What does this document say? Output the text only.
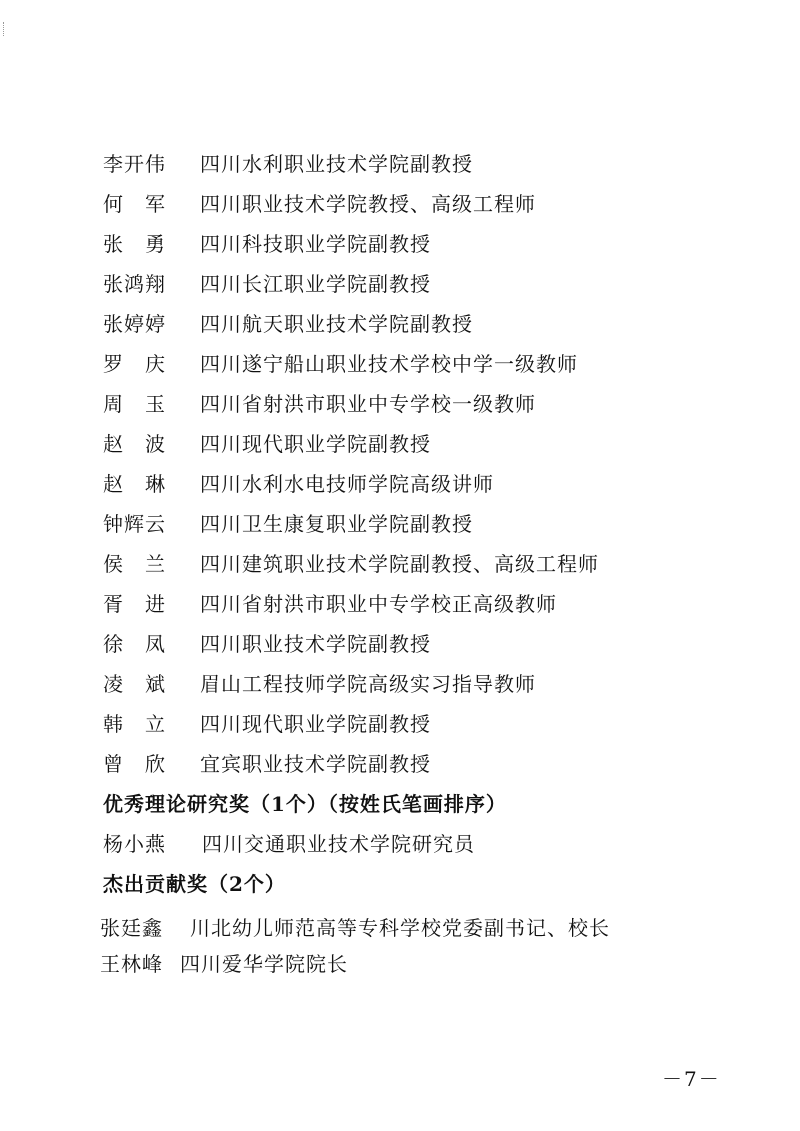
李开伟	四川水利职业技术学院副教授
何　军	四川职业技术学院教授、高级工程师
张　勇	四川科技职业学院副教授
张鸿翔	四川长江职业学院副教授
张婷婷	四川航天职业技术学院副教授
罗　庆	四川遂宁船山职业技术学校中学一级教师
周　玉	四川省射洪市职业中专学校一级教师
赵　波	四川现代职业学院副教授
赵　琳	四川水利水电技师学院高级讲师
钟辉云	四川卫生康复职业学院副教授
侯　兰	四川建筑职业技术学院副教授、高级工程师
胥　进	四川省射洪市职业中专学校正高级教师
徐　凤	四川职业技术学院副教授
凌　斌	眉山工程技师学院高级实习指导教师
韩　立	四川现代职业学院副教授
曾　欣	宜宾职业技术学院副教授
优秀理论研究奖（1个）（按姓氏笔画排序）
杨小燕	四川交通职业技术学院研究员
杰出贡献奖（2个）
张廷鑫	川北幼儿师范高等专科学校党委副书记、校长
王林峰 四川爱华学院院长
－7－
